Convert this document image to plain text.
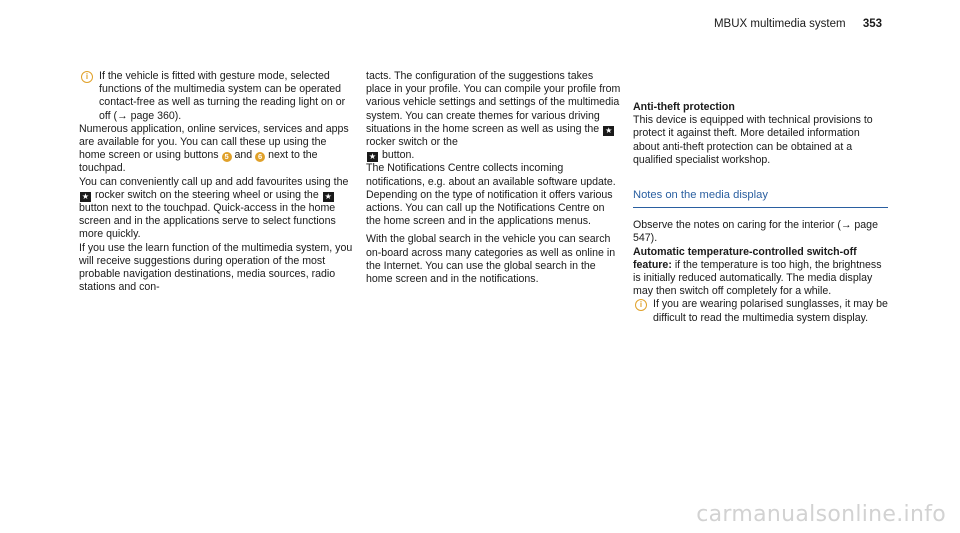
MBUX multimedia system 353

i	If the vehicle is fitted with gesture mode, selected functions of the multimedia system can be operated contact-free as well as turning the reading light on or off (→ page 360).

Numerous application, online services, services and apps are available for you. You can call these up using the home screen or using buttons 5 and 6 next to the touchpad.

You can conveniently call up and add favourites using the ★ rocker switch on the steering wheel or using the ★ button next to the touchpad. Quick-access in the home screen and in the applications serve to select functions more quickly.

If you use the learn function of the multimedia system, you will receive suggestions during operation of the most probable navigation destinations, media sources, radio stations and con-

tacts. The configuration of the suggestions takes place in your profile. You can compile your profile from various vehicle settings and settings of the multimedia system. You can create themes for various driving situations in the home screen as well as using the ★ rocker switch or the
★ button.

The Notifications Centre collects incoming notifications, e.g. about an available software update. Depending on the type of notification it offers various actions. You can call up the Notifications Centre on the home screen and in the applications menus.

With the global search in the vehicle you can search on-board across many categories as well as online in the Internet. You can use the global search in the home screen and in the notifications.

Anti-theft protection

This device is equipped with technical provisions to protect it against theft. More detailed information about anti-theft protection can be obtained at a qualified specialist workshop.

Notes on the media display

Observe the notes on caring for the interior (→ page 547).

Automatic temperature-controlled switch-off feature: if the temperature is too high, the brightness is initially reduced automatically. The media display may then switch off completely for a while.

i	If you are wearing polarised sunglasses, it may be difficult to read the multimedia system display.

carmanualsonline.info
